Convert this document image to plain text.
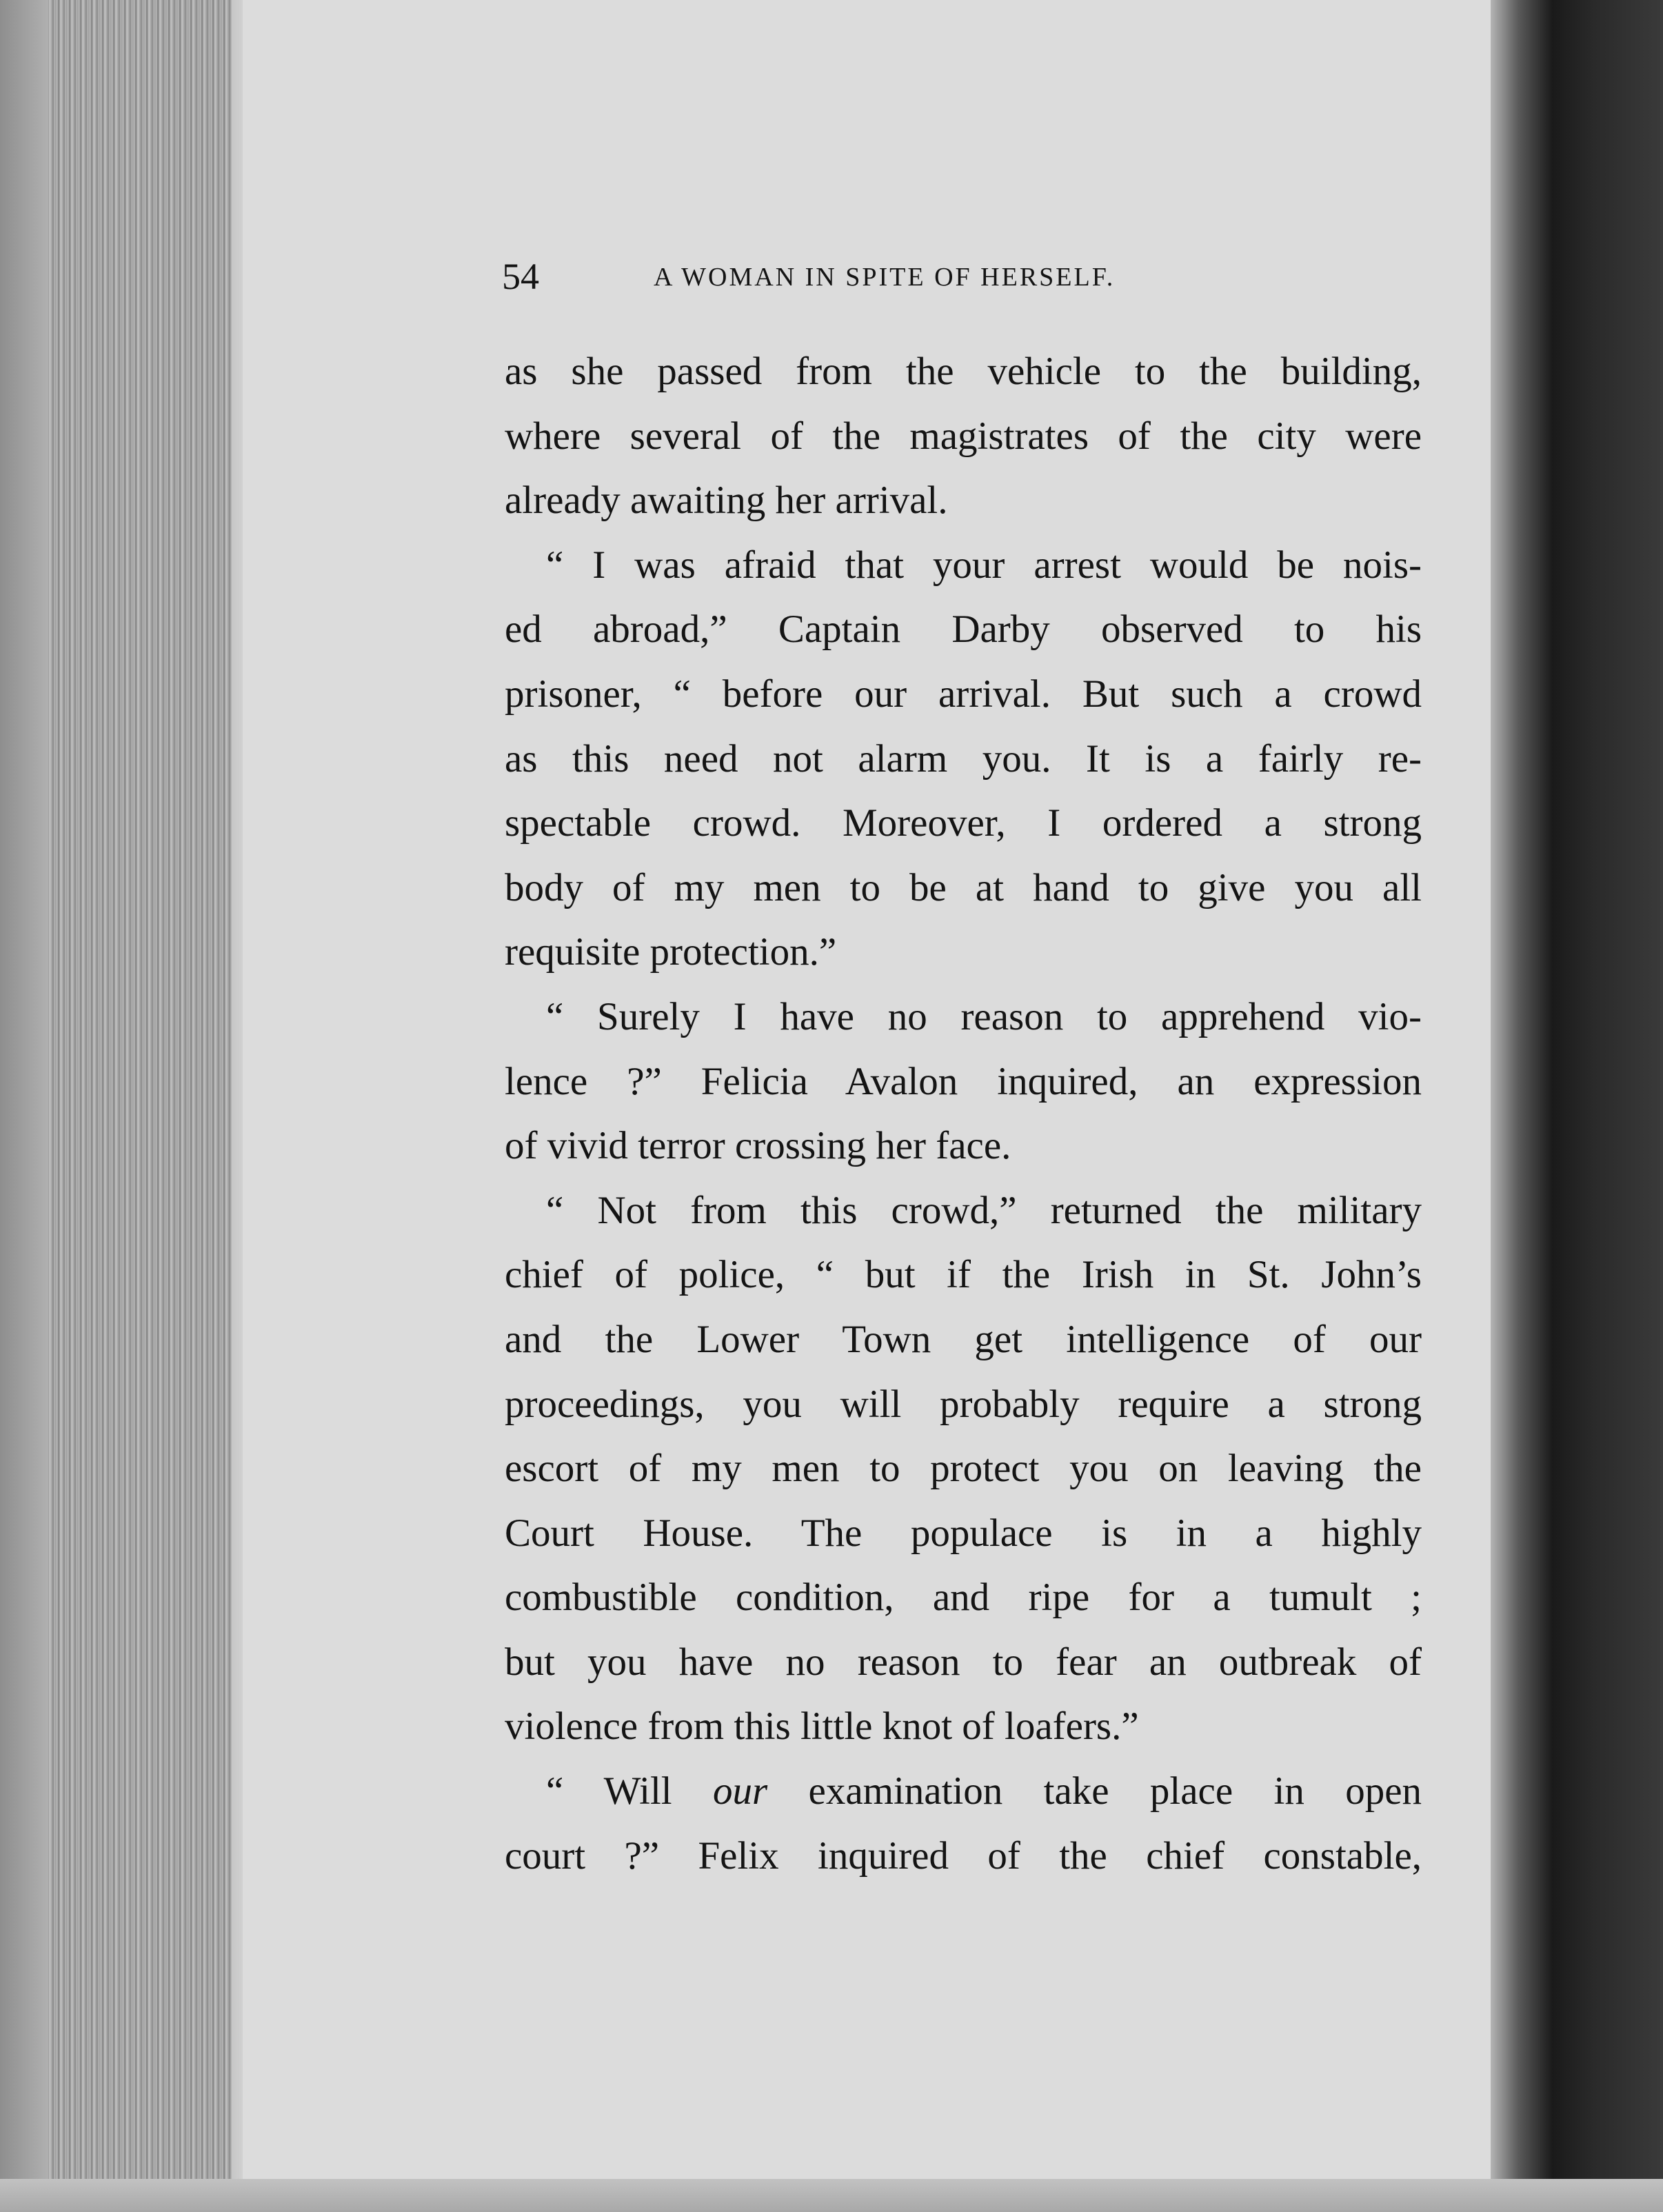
54	A WOMAN IN SPITE OF HERSELF.
as she passed from the vehicle to the building,
where several of the magistrates of the city were
already awaiting her arrival.
“ I was afraid that your arrest would be nois-
ed abroad,” Captain Darby observed to his
prisoner, “ before our arrival. But such a crowd
as this need not alarm you. It is a fairly re-
spectable crowd. Moreover, I ordered a strong
body of my men to be at hand to give you all
requisite protection.”
“ Surely I have no reason to apprehend vio-
lence ?” Felicia Avalon inquired, an expression
of vivid terror crossing her face.
“ Not from this crowd,” returned the military
chief of police, “ but if the Irish in St. John’s
and the Lower Town get intelligence of our
proceedings, you will probably require a strong
escort of my men to protect you on leaving the
Court House. The populace is in a highly
combustible condition, and ripe for a tumult ;
but you have no reason to fear an outbreak of
violence from this little knot of loafers.”
“ Will our examination take place in open
court ?” Felix inquired of the chief constable,
